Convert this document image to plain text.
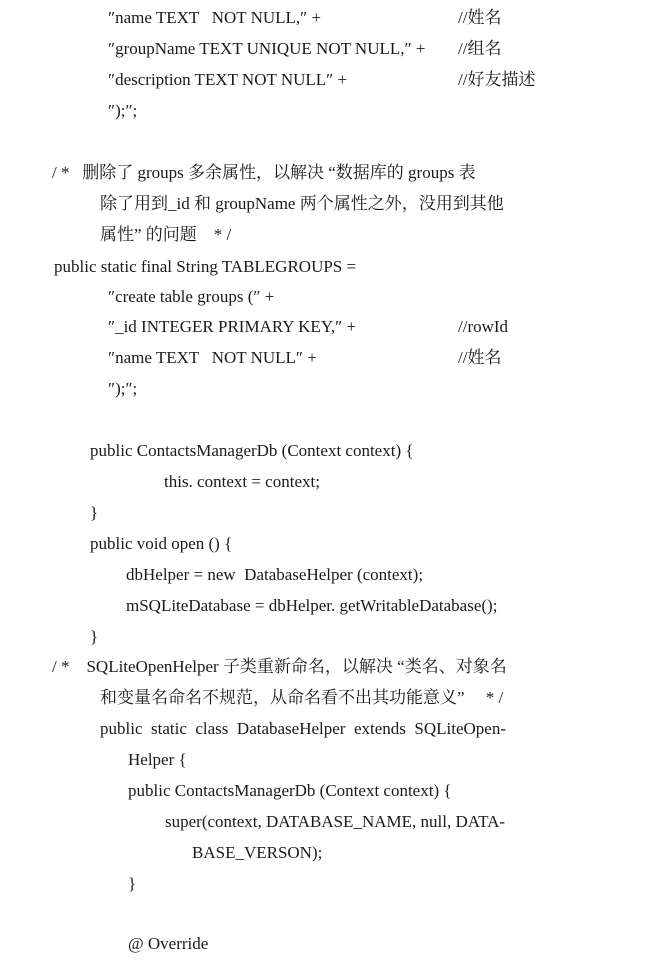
″name TEXT   NOT NULL,″ +	//姓名
″groupName TEXT UNIQUE NOT NULL,″ + //组名
″description TEXT NOT NULL″ +	//好友描述
″);″;
/ *   删除了 groups 多余属性，以解决 “数据库的 groups 表
除了用到_id 和 groupName 两个属性之外，没用到其他
属性” 的问题    * /
public static final String TABLEGROUPS =
″create table groups (″ +
″_id INTEGER PRIMARY KEY,″ +	//rowId
″name TEXT   NOT NULL″ +	//姓名
″);″;
public ContactsManagerDb (Context context) {
this. context = context;
}
public void open () {
dbHelper = new  DatabaseHelper (context);
mSQLiteDatabase = dbHelper. getWritableDatabase();
}
/ *    SQLiteOpenHelper 子类重新命名，以解决 “类名、对象名
和变量名命名不规范，从命名看不出其功能意义”     * /
public  static  class  DatabaseHelper  extends  SQLiteOpen-
Helper {
public ContactsManagerDb (Context context) {
super(context, DATABASE_NAME, null, DATA-
BASE_VERSON);
}
@ Override
